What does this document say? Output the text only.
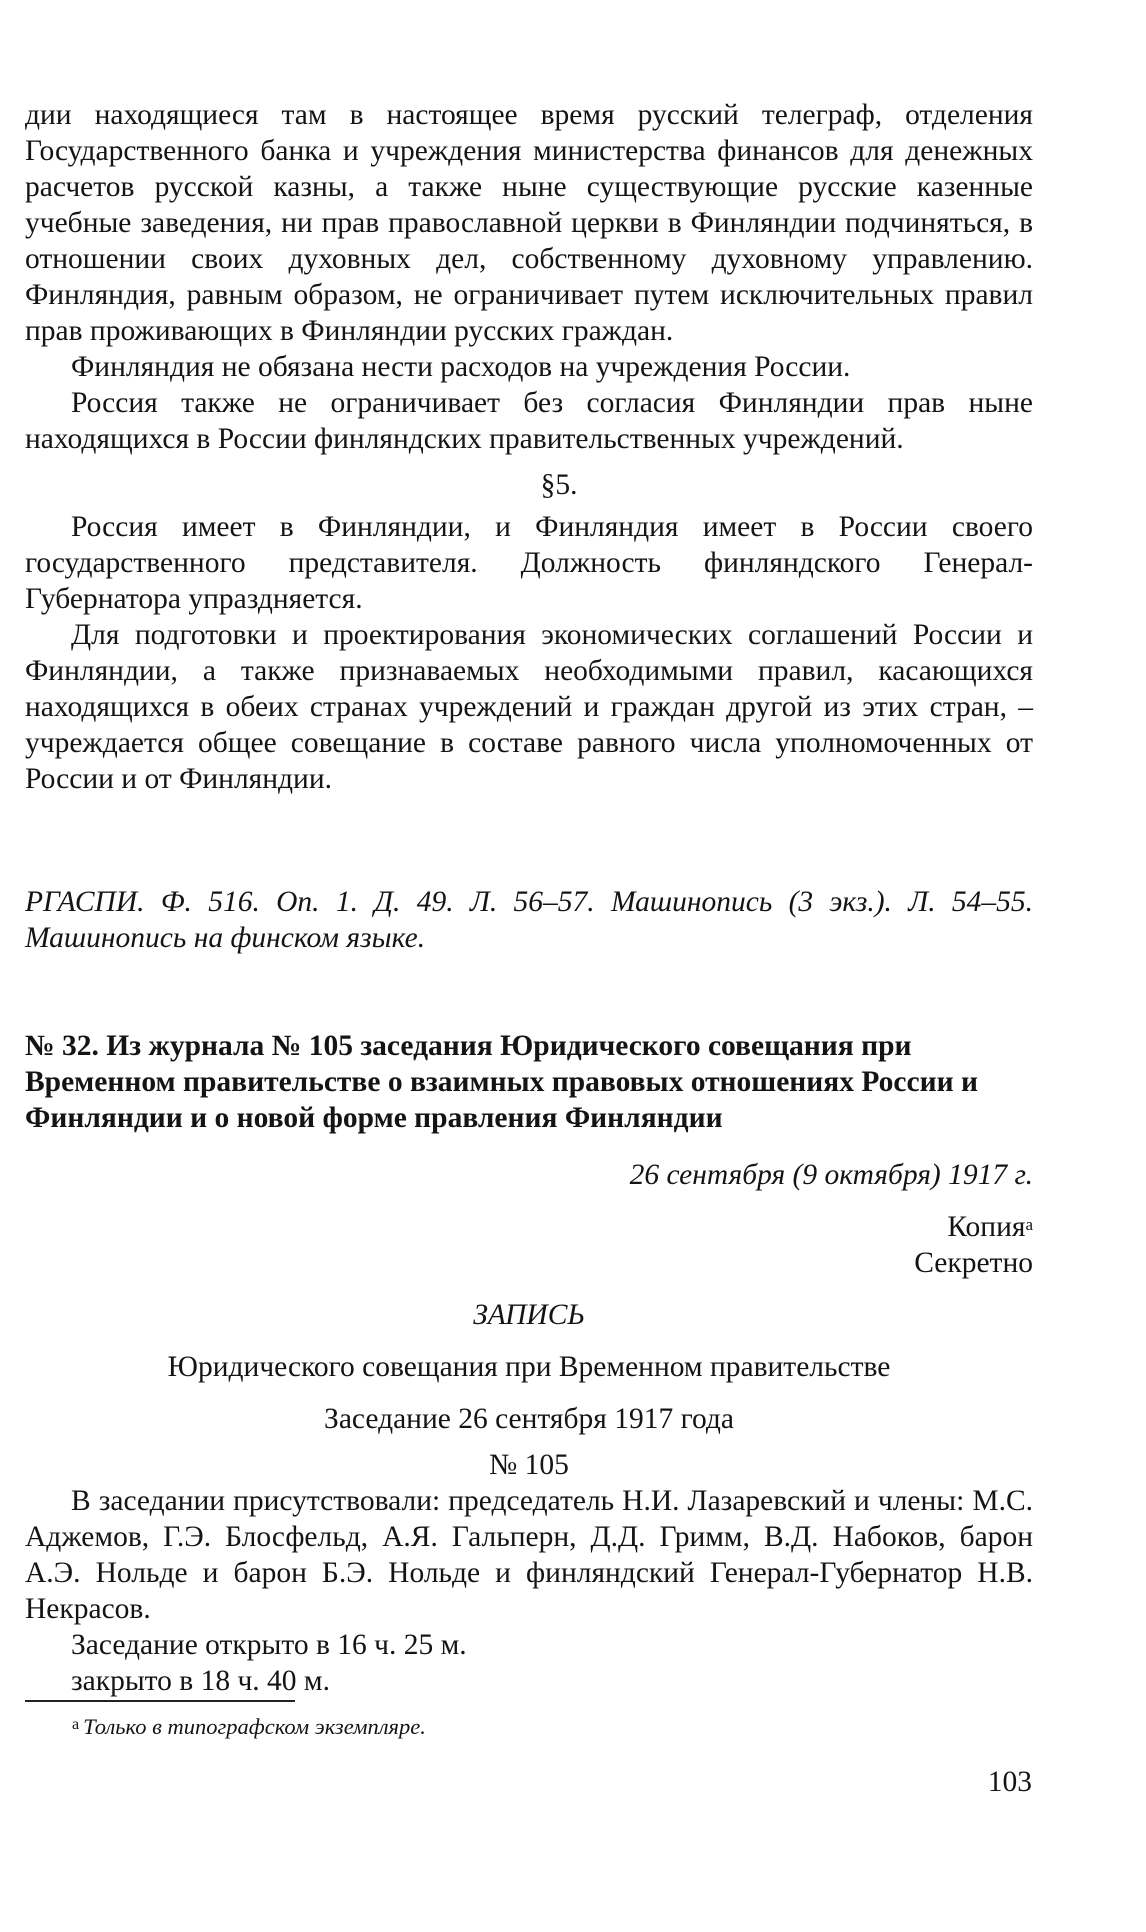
дии находящиеся там в настоящее время русский телеграф, отделения Государственного банка и учреждения министерства финансов для денежных расчетов русской казны, а также ныне существующие русские казенные учебные заведения, ни прав православной церкви в Финляндии подчиняться, в отношении своих духовных дел, собственному духовному управлению. Финляндия, равным образом, не ограничивает путем исключительных правил прав проживающих в Финляндии русских граждан.

Финляндия не обязана нести расходов на учреждения России.

Россия также не ограничивает без согласия Финляндии прав ныне находящихся в России финляндских правительственных учреждений.

§5.

Россия имеет в Финляндии, и Финляндия имеет в России своего государственного представителя. Должность финляндского Генерал-Губернатора упраздняется.

Для подготовки и проектирования экономических соглашений России и Финляндии, а также признаваемых необходимыми правил, касающихся находящихся в обеих странах учреждений и граждан другой из этих стран, – учреждается общее совещание в составе равного числа уполномоченных от России и от Финляндии.

РГАСПИ. Ф. 516. Оп. 1. Д. 49. Л. 56–57. Машинопись (3 экз.). Л. 54–55. Машинопись на финском языке.

№ 32. Из журнала № 105 заседания Юридического совещания при Временном правительстве о взаимных правовых отношениях России и Финляндии и о новой форме правления Финляндии

26 сентября (9 октября) 1917 г.

Копия$^а$

Секретно

ЗАПИСЬ

Юридического совещания при Временном правительстве

Заседание 26 сентября 1917 года

№ 105

В заседании присутствовали: председатель Н.И. Лазаревский и члены: М.С. Аджемов, Г.Э. Блосфельд, А.Я. Гальперн, Д.Д. Гримм, В.Д. Набоков, барон А.Э. Нольде и барон Б.Э. Нольде и финляндский Генерал-Губернатор Н.В. Некрасов.

Заседание открыто в 16 ч. 25 м.

закрыто в 18 ч. 40 м.

$^а$ Только в типографском экземпляре.
103
